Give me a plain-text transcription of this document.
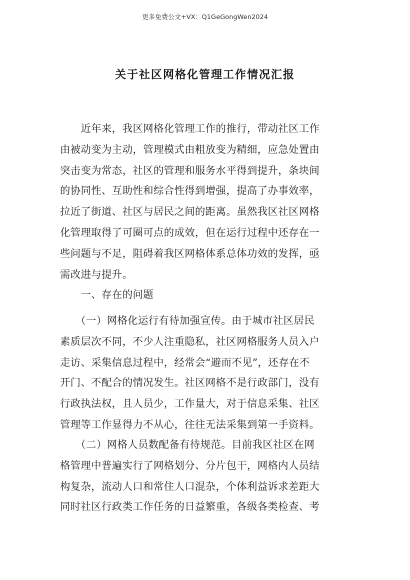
更多免费公文+VX：Q1GeGongWen2024
关于社区网格化管理工作情况汇报
　　近年来，我区网格化管理工作的推行，带动社区工作
由被动变为主动，管理模式由粗放变为精细，应急处置由
突击变为常态，社区的管理和服务水平得到提升，条块间
的协同性、互助性和综合性得到增强，提高了办事效率，
拉近了街道、社区与居民之间的距离。虽然我区社区网格
化管理取得了可圈可点的成效，但在运行过程中还存在一
些问题与不足，阻碍着我区网格体系总体功效的发挥，亟
需改进与提升。
　　一、存在的问题
　　（一）网格化运行有待加强宣传。由于城市社区居民
素质层次不同，不少人注重隐私，社区网格服务人员入户
走访、采集信息过程中，经常会“避而不见”，还存在不
开门、不配合的情况发生。社区网格不是行政部门，没有
行政执法权，且人员少，工作量大，对于信息采集、社区
管理等工作显得力不从心，往往无法采集到第一手资料。
　　（二）网格人员数配备有待规范。目前我区社区在网
格管理中普遍实行了网格划分、分片包干，网格内人员结
构复杂，流动人口和常住人口混杂，个体利益诉求差距大
同时社区行政类工作任务的日益繁重，各级各类检查、考
